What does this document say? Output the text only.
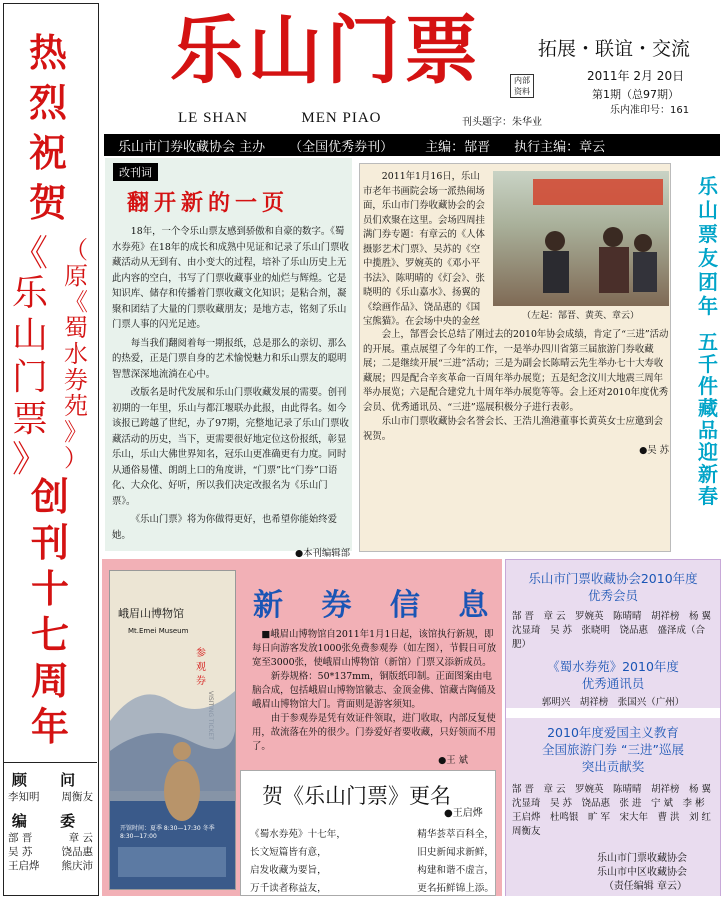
热
烈
祝
贺
《
乐
山
门
票
》
（
原
《
蜀
水
券
苑
》
）
创
刊
十
七
周
年
顾 问
李知明 周衡友
编 委
部 晋	章 云
吴 苏	饶品惠
王启烨 熊庆沛
乐山门票
LE SHAN	MEN PIAO	刊头题字：朱华业
拓展・联谊・交流
内部资料
2011年 2月 20日
第1期（总97期）
乐内准印号：161
乐山市门券收藏协会 主办 （全国优秀券刊） 主编：郜晋 执行主编：章云
改刊词
翻开新的一页

18年，一个令乐山票友感到骄傲和自豪的数字。《蜀水券苑》在18年的成长和成熟中见证和记录了乐山门票收藏活动从无到有、由小变大的过程，培补了乐山历史上无此内容的空白，书写了门票收藏事业的灿烂与辉煌。它是知识库、储存和传播着门票收藏文化知识；是粘合剂，凝聚和团结了大量的门票收藏朋友；是地方志，铭刻了乐山门票人事的闪光足迹。

每当我们翻阅着每一期报纸，总是那么的亲切、那么的热爱，正是门票自身的艺术愉悦魅力和乐山票友的聪明智慧深深地流淌在心中。

改版名是时代发展和乐山门票收藏发展的需要。创刊初期的一年里，乐山与都江堰联办此报，由此得名。如今该报已跨越了世纪，办了97期，完整地记录了乐山门票收藏活动的历史，当下，更需要很好地定位这份报纸，彰显乐山，乐山大佛世界知名，冠乐山更准确更有力度。同时从通俗易懂、朗朗上口的角度讲，“门票”比“门券”口语化、大众化、好听，所以我们决定改报名为《乐山门票》。

《乐山门票》将为你做得更好，也希望你能始终爱她。

●本刊编辑部
（左起：郜晋、黄英、章云）

2011年1月16日，乐山市老年书画院会场一派热闹场面，乐山市门券收藏协会的会员们欢聚在这里。会场四周挂满门券专题：有章云的《人体摄影艺术门票》、吴苏的《空中揽胜》、罗婉英的《邓小平书法》、陈明晴的《灯会》、张晓明的《乐山嘉水》、扬翼的《绘画作品》、饶品惠的《国宝熊猫》。在会场中央的金丝

会上，郜晋会长总结了刚过去的2010年协会成绩，肯定了“三进”活动的开展。重点展望了今年的工作，一是举办四川省第三届旅游门券收藏展；二是继续开展“三进”活动；三是为副会长陈晴云先生举办七十大寿收藏展；四是配合辛亥革命一百周年举办展览；五是纪念汶川大地震三周年举办展览；六是配合建党九十周年举办展览等等。会上还对2010年度优秀会员、优秀通讯员、“三进”巡展积极分子进行表彰。

乐山市门票收藏协会名誉会长、王浩儿渔港董事长黄英女士应邀到会祝贺。

●吴 苏
乐
山
票
友
团
年
五
千
件
藏
品
迎
新
春
峨眉山博物馆
Mt.Emei Museum
参观券
开馆时间：夏季 8:30—17:30 冬季 8:30—17:00
新 券 信 息

■峨眉山博物馆自2011年1月1日起，该馆执行新规，即每日向游客发放1000张免费参观券（如左图），节假日可放宽至3000张，使峨眉山博物馆（新馆）门票又添新成员。

新券规格：50*137mm，铜版纸印制。正面图案由电脑合成，包括峨眉山博物馆徽志、金顶金佛、馆藏古陶俑及峨眉山博物馆大门。背面则是游客须知。

由于参观券是凭有效证件领取，进门收取，内部反复使用，故流落在外的很少。门券爱好者要收藏，只好领而不用了。

●王 斌
贺《乐山门票》更名
●王启烨
《蜀水券苑》十七年，	精华荟萃百科全，
长文短篇皆有意，	旧史新闻求新鲜，
启发收藏为要旨，	构建和谐不虚言，
万千读者称益友，	更名拓鲜锦上添。
乐山市门票收藏协会2010年度
优秀会员
郜 晋　章 云　罗婉英　陈晴晴　胡祥榜　杨 翼　沈显琦　吴 苏　张晓明　饶品惠　盛泽成（合肥）
《蜀水券苑》2010年度
优秀通讯员
郭明兴　胡祥榜　张国兴（广州）
2010年度爱国主义教育
全国旅游门券 “三进”巡展
突出贡献奖
郜 晋　章 云　罗婉英　陈晴晴　胡祥榜　杨 翼　沈显琦　吴 苏　饶品惠　张 进　宁 斌　李 彬　王启烨　杜鸣银　旷 军　宋大年　曹 洪　刘 红　周衡友
乐山市门票收藏协会
乐山市中区收藏协会
（责任编辑 章云）
